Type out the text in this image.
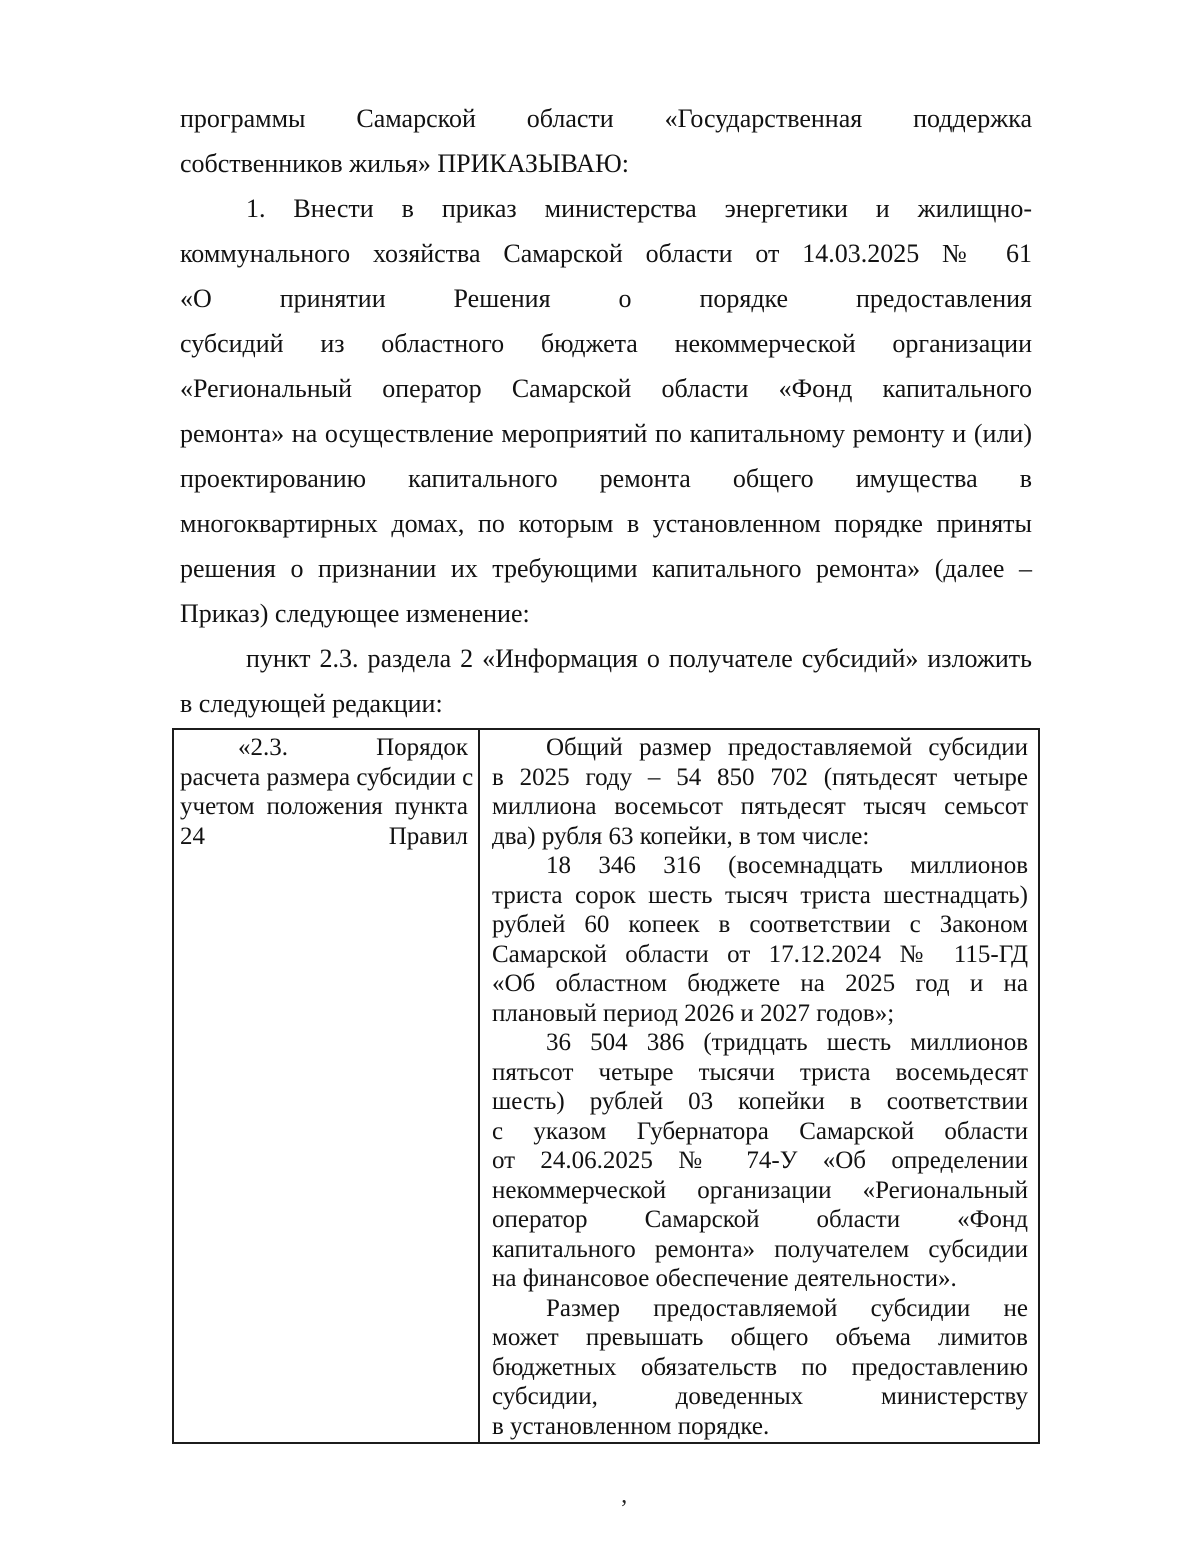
программы Самарской области «Государственная поддержка
собственников жилья» ПРИКАЗЫВАЮ:
1. Внести в приказ министерства энергетики и жилищно-
коммунального хозяйства Самарской области от 14.03.2025 № 61
«О принятии Решения о порядке предоставления
субсидий из областного бюджета некоммерческой организации
«Региональный оператор Самарской области «Фонд капитального
ремонта» на осуществление мероприятий по капитальному ремонту и (или)
проектированию капитального ремонта общего имущества в
многоквартирных домах, по которым в установленном порядке приняты
решения о признании их требующими капитального ремонта» (далее –
Приказ) следующее изменение:
пункт 2.3. раздела 2 «Информация о получателе субсидий» изложить
в следующей редакции:
«2.3. Порядок
расчета размера субсидии с
учетом положения пункта
24 Правил
Общий размер предоставляемой субсидии
в 2025 году – 54 850 702 (пятьдесят четыре
миллиона восемьсот пятьдесят тысяч семьсот
два) рубля 63 копейки, в том числе:
18 346 316 (восемнадцать миллионов
триста сорок шесть тысяч триста шестнадцать)
рублей 60 копеек в соответствии с Законом
Самарской области от 17.12.2024 № 115-ГД
«Об областном бюджете на 2025 год и на
плановый период 2026 и 2027 годов»;
36 504 386 (тридцать шесть миллионов
пятьсот четыре тысячи триста восемьдесят
шесть) рублей 03 копейки в соответствии
с указом Губернатора Самарской области
от 24.06.2025 № 74-У «Об определении
некоммерческой организации «Региональный
оператор Самарской области «Фонд
капитального ремонта» получателем субсидии
на финансовое обеспечение деятельности».
Размер предоставляемой субсидии не
может превышать общего объема лимитов
бюджетных обязательств по предоставлению
субсидии, доведенных министерству
в установленном порядке.
’
